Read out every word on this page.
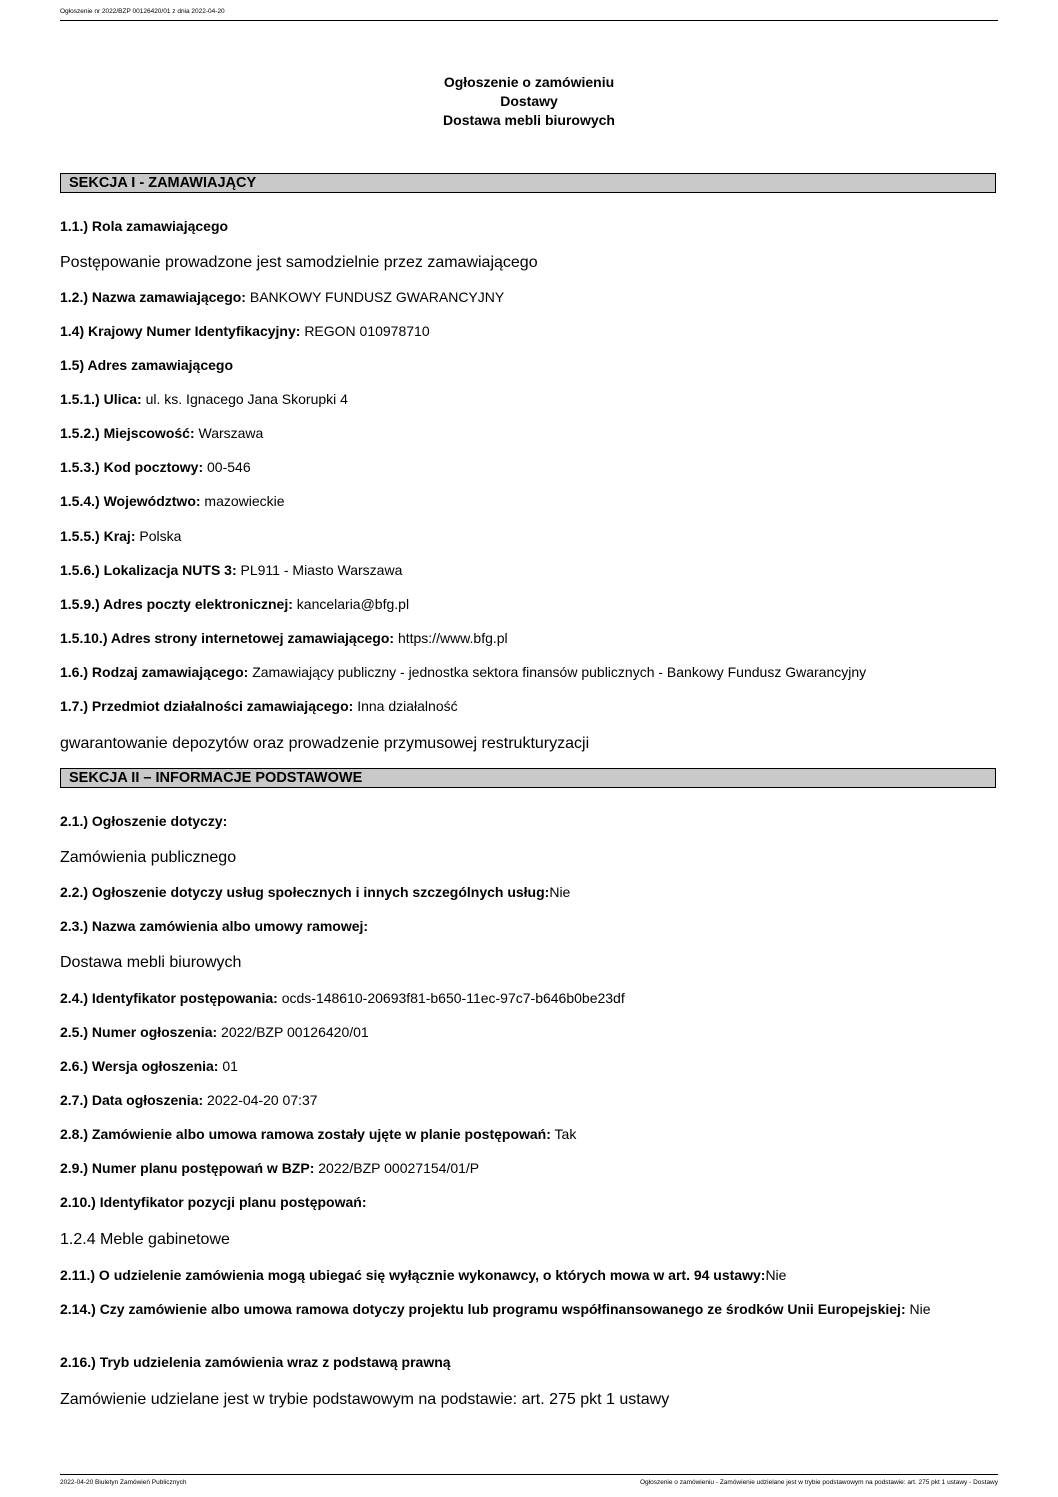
Ogłoszenie nr 2022/BZP 00126420/01 z dnia 2022-04-20
Ogłoszenie o zamówieniu
Dostawy
Dostawa mebli biurowych
SEKCJA I - ZAMAWIAJĄCY
1.1.) Rola zamawiającego
Postępowanie prowadzone jest samodzielnie przez zamawiającego
1.2.) Nazwa zamawiającego: BANKOWY FUNDUSZ GWARANCYJNY
1.4) Krajowy Numer Identyfikacyjny: REGON 010978710
1.5) Adres zamawiającego
1.5.1.) Ulica: ul. ks. Ignacego Jana Skorupki 4
1.5.2.) Miejscowość: Warszawa
1.5.3.) Kod pocztowy: 00-546
1.5.4.) Województwo: mazowieckie
1.5.5.) Kraj: Polska
1.5.6.) Lokalizacja NUTS 3: PL911 - Miasto Warszawa
1.5.9.) Adres poczty elektronicznej: kancelaria@bfg.pl
1.5.10.) Adres strony internetowej zamawiającego: https://www.bfg.pl
1.6.) Rodzaj zamawiającego: Zamawiający publiczny - jednostka sektora finansów publicznych - Bankowy Fundusz Gwarancyjny
1.7.) Przedmiot działalności zamawiającego: Inna działalność
gwarantowanie depozytów oraz prowadzenie przymusowej restrukturyzacji
SEKCJA II – INFORMACJE PODSTAWOWE
2.1.) Ogłoszenie dotyczy:
Zamówienia publicznego
2.2.) Ogłoszenie dotyczy usług społecznych i innych szczególnych usług:Nie
2.3.) Nazwa zamówienia albo umowy ramowej:
Dostawa mebli biurowych
2.4.) Identyfikator postępowania: ocds-148610-20693f81-b650-11ec-97c7-b646b0be23df
2.5.) Numer ogłoszenia: 2022/BZP 00126420/01
2.6.) Wersja ogłoszenia: 01
2.7.) Data ogłoszenia: 2022-04-20 07:37
2.8.) Zamówienie albo umowa ramowa zostały ujęte w planie postępowań: Tak
2.9.) Numer planu postępowań w BZP: 2022/BZP 00027154/01/P
2.10.) Identyfikator pozycji planu postępowań:
1.2.4 Meble gabinetowe
2.11.) O udzielenie zamówienia mogą ubiegać się wyłącznie wykonawcy, o których mowa w art. 94 ustawy:Nie
2.14.) Czy zamówienie albo umowa ramowa dotyczy projektu lub programu współfinansowanego ze środków Unii Europejskiej: Nie
2.16.) Tryb udzielenia zamówienia wraz z podstawą prawną
Zamówienie udzielane jest w trybie podstawowym na podstawie: art. 275 pkt 1 ustawy
2022-04-20 Biuletyn Zamówień Publicznych	Ogłoszenie o zamówieniu - Zamówienie udzielane jest w trybie podstawowym na podstawie: art. 275 pkt 1 ustawy - Dostawy
